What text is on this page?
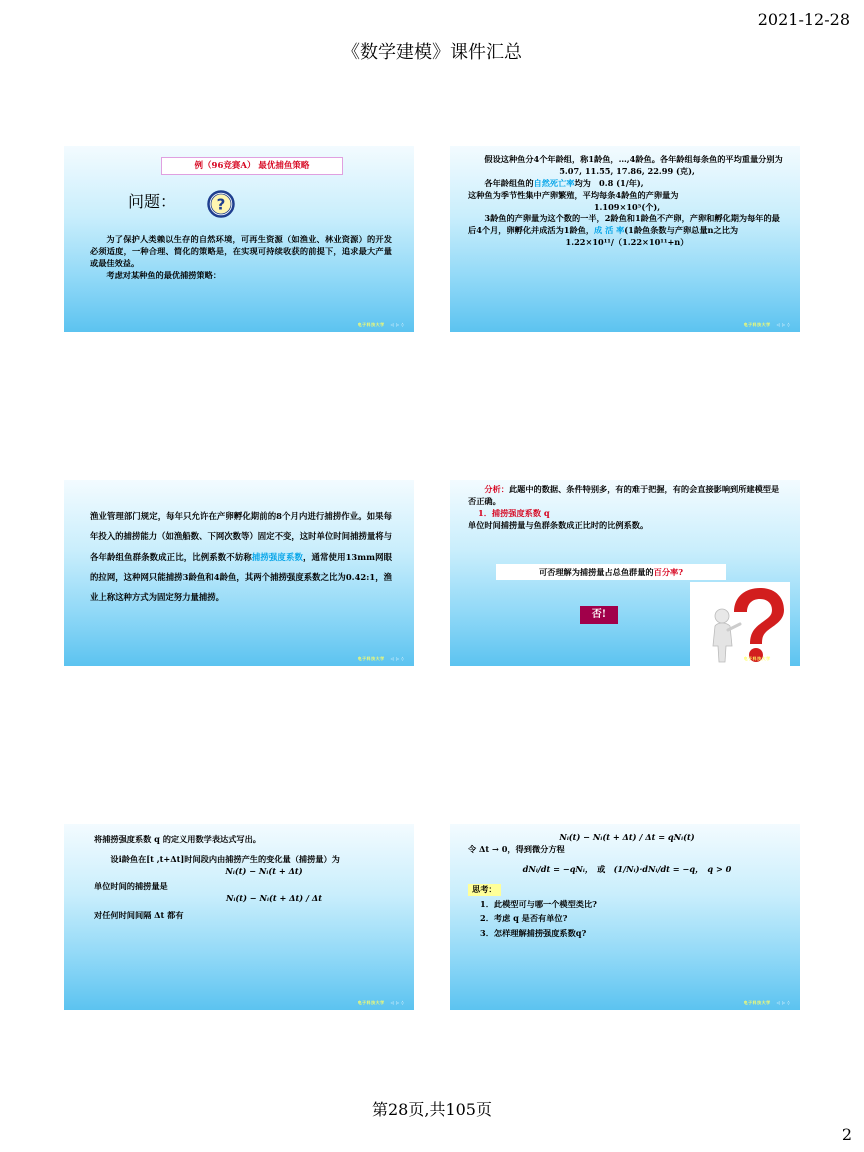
2021-12-28
《数学建模》课件汇总
例（96竞赛A） 最优捕鱼策略
问题：	?

为了保护人类赖以生存的自然环境，可再生资源（如渔业、林业资源）的开发必须适度，一种合理、简化的策略是，在实现可持续收获的前提下，追求最大产量或最佳效益。

考虑对某种鱼的最优捕捞策略：

电子科技大学 ◁ ▷ ◊

假设这种鱼分4个年龄组，称1龄鱼，…,4龄鱼。各年龄组每条鱼的平均重量分别为

5.07, 11.55, 17.86, 22.99 (克),

各年龄组鱼的自然死亡率均为　0.8 (1/年),

这种鱼为季节性集中产卵繁殖，平均每条4龄鱼的产卵量为

1.109×10⁵(个),

3龄鱼的产卵量为这个数的一半，2龄鱼和1龄鱼不产卵，产卵和孵化期为每年的最后4个月，卵孵化并成活为1龄鱼，成 活 率(1龄鱼条数与产卵总量n之比为

1.22×10¹¹/（1.22×10¹¹+n）

电子科技大学 ◁ ▷ ◊
渔业管理部门规定，每年只允许在产卵孵化期前的8个月内进行捕捞作业。如果每年投入的捕捞能力（如渔船数、下网次数等）固定不变，这时单位时间捕捞量将与各年龄组鱼群条数成正比，比例系数不妨称捕捞强度系数，通常使用13mm网眼的拉网，这种网只能捕捞3龄鱼和4龄鱼，其两个捕捞强度系数之比为0.42:1，渔业上称这种方式为固定努力量捕捞。
电子科技大学 ◁ ▷ ◊

分析：此题中的数据、条件特别多，有的难于把握，有的会直接影响到所建模型是否正确。

1．捕捞强度系数 q

单位时间捕捞量与鱼群条数成正比时的比例系数。

可否理解为捕捞量占总鱼群量的百分率?
否!
电子科技大学 ◁ ▷ ◊

将捕捞强度系数 q 的定义用数学表达式写出。

设i龄鱼在[t ,t+Δt]时间段内由捕捞产生的变化量（捕捞量）为

Nᵢ(t) − Nᵢ(t + Δt)

单位时间的捕捞量是

Nᵢ(t) − Nᵢ(t + Δt) / Δt

对任何时间间隔 Δt 都有

电子科技大学 ◁ ▷ ◊

Nᵢ(t) − Nᵢ(t + Δt) / Δt = qNᵢ(t)

令 Δt → 0，得到微分方程

dNᵢ/dt = −qNᵢ，　 或　 (1/Nᵢ)·dNᵢ/dt = −q，　q > 0

思考：

1．此模型可与哪一个模型类比?

2．考虑 q 是否有单位?

3．怎样理解捕捞强度系数q?

电子科技大学 ◁ ▷ ◊
第28页,共105页
2
